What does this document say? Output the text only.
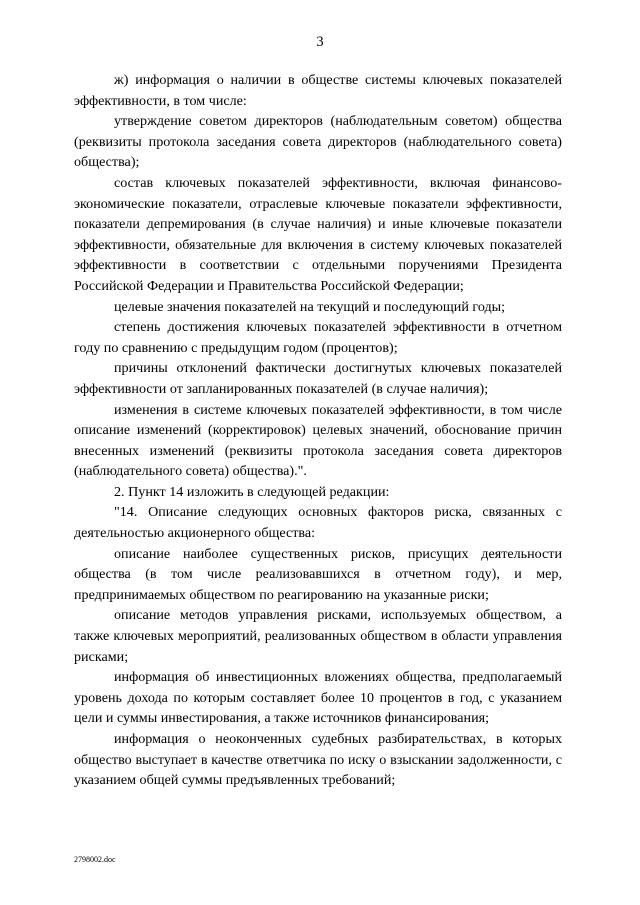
3

ж) информация о наличии в обществе системы ключевых показателей эффективности, в том числе:

утверждение советом директоров (наблюдательным советом) общества (реквизиты протокола заседания совета директоров (наблюдательного совета) общества);

состав ключевых показателей эффективности, включая финансово-экономические показатели, отраслевые ключевые показатели эффективности, показатели депремирования (в случае наличия) и иные ключевые показатели эффективности, обязательные для включения в систему ключевых показателей эффективности в соответствии с отдельными поручениями Президента Российской Федерации и Правительства Российской Федерации;

целевые значения показателей на текущий и последующий годы;

степень достижения ключевых показателей эффективности в отчетном году по сравнению с предыдущим годом (процентов);

причины отклонений фактически достигнутых ключевых показателей эффективности от запланированных показателей (в случае наличия);

изменения в системе ключевых показателей эффективности, в том числе описание изменений (корректировок) целевых значений, обоснование причин внесенных изменений (реквизиты протокола заседания совета директоров (наблюдательного совета) общества).".

2. Пункт 14 изложить в следующей редакции:

"14. Описание следующих основных факторов риска, связанных с деятельностью акционерного общества:

описание наиболее существенных рисков, присущих деятельности общества (в том числе реализовавшихся в отчетном году), и мер, предпринимаемых обществом по реагированию на указанные риски;

описание методов управления рисками, используемых обществом, а также ключевых мероприятий, реализованных обществом в области управления рисками;

информация об инвестиционных вложениях общества, предполагаемый уровень дохода по которым составляет более 10 процентов в год, с указанием цели и суммы инвестирования, а также источников финансирования;

информация о неоконченных судебных разбирательствах, в которых общество выступает в качестве ответчика по иску о взыскании задолженности, с указанием общей суммы предъявленных требований;

2798002.doc
